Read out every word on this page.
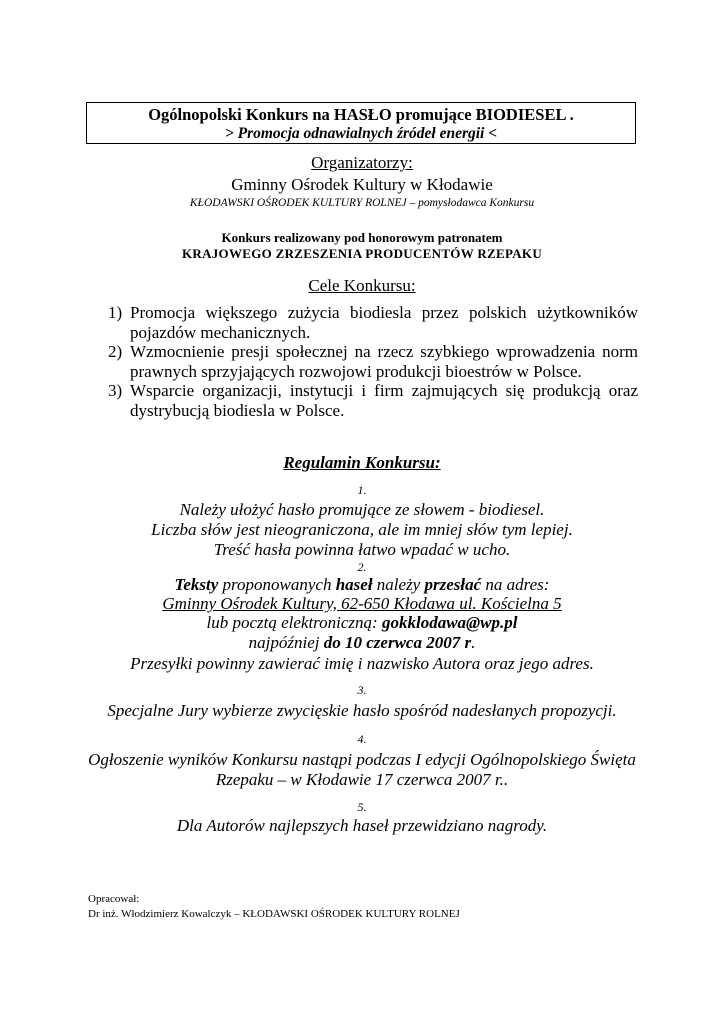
Ogólnopolski Konkurs na HASŁO promujące BIODIESEL .
> Promocja odnawialnych źródeł energii <
Organizatorzy:
Gminny Ośrodek Kultury w Kłodawie
KŁODAWSKI OŚRODEK KULTURY ROLNEJ – pomysłodawca Konkursu
Konkurs realizowany pod honorowym patronatem
KRAJOWEGO ZRZESZENIA PRODUCENTÓW RZEPAKU
Cele Konkursu:
1) Promocja większego zużycia biodiesla przez polskich użytkowników pojazdów mechanicznych.
2) Wzmocnienie presji społecznej na rzecz szybkiego wprowadzenia norm prawnych sprzyjających rozwojowi produkcji bioestrów w Polsce.
3) Wsparcie organizacji, instytucji i firm zajmujących się produkcją oraz dystrybucją biodiesla w Polsce.
Regulamin Konkursu:
1.
Należy ułożyć hasło promujące ze słowem - biodiesel.
Liczba słów jest nieograniczona, ale im mniej słów tym lepiej.
Treść hasła powinna łatwo wpadać w ucho.
2.
Teksty proponowanych haseł należy przesłać na adres:
Gminny Ośrodek Kultury, 62-650 Kłodawa ul. Kościelna 5
lub pocztą elektroniczną: gokklodawa@wp.pl
najpóźniej do 10 czerwca 2007 r.
Przesyłki powinny zawierać imię i nazwisko Autora oraz jego adres.
3.
Specjalne Jury wybierze zwycięskie hasło spośród nadesłanych propozycji.
4.
Ogłoszenie wyników Konkursu nastąpi podczas I edycji Ogólnopolskiego Święta
Rzepaku – w Kłodawie 17 czerwca 2007 r..
5.
Dla Autorów najlepszych haseł przewidziano nagrody.
Opracował:
Dr inż. Włodzimierz Kowalczyk – KŁODAWSKI OŚRODEK KULTURY ROLNEJ
